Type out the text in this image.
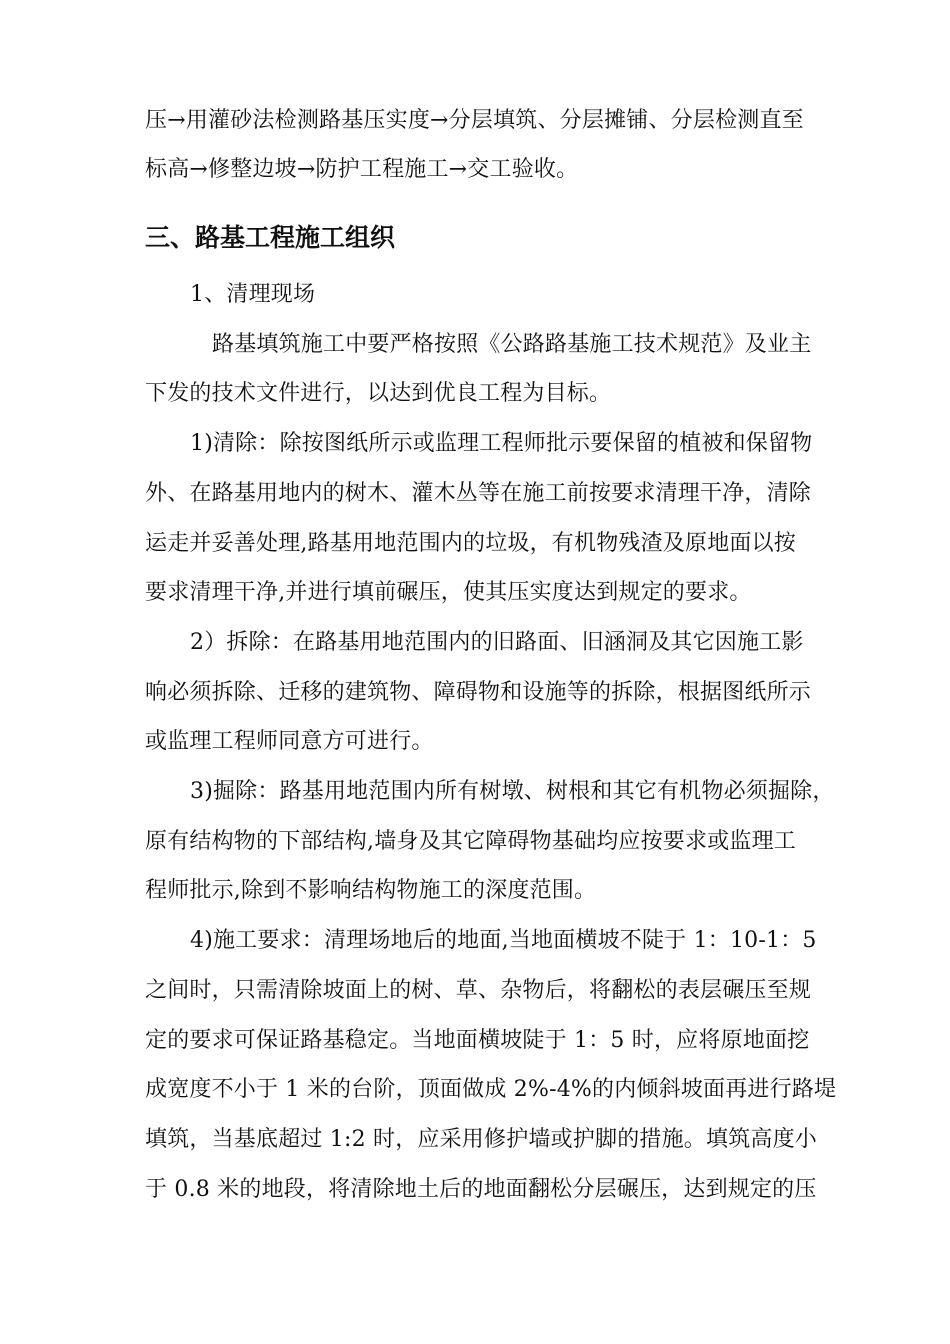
压→用灌砂法检测路基压实度→分层填筑、分层摊铺、分层检测直至
标高→修整边坡→防护工程施工→交工验收。
三、路基工程施工组织
1、清理现场
路基填筑施工中要严格按照《公路路基施工技术规范》及业主
下发的技术文件进行，以达到优良工程为目标。
1)清除：除按图纸所示或监理工程师批示要保留的植被和保留物
外、在路基用地内的树木、灌木丛等在施工前按要求清理干净，清除
运走并妥善处理,路基用地范围内的垃圾，有机物残渣及原地面以按
要求清理干净,并进行填前碾压，使其压实度达到规定的要求。
2）拆除：在路基用地范围内的旧路面、旧涵洞及其它因施工影
响必须拆除、迁移的建筑物、障碍物和设施等的拆除，根据图纸所示
或监理工程师同意方可进行。
3)掘除：路基用地范围内所有树墩、树根和其它有机物必须掘除，
原有结构物的下部结构,墙身及其它障碍物基础均应按要求或监理工
程师批示,除到不影响结构物施工的深度范围。
4)施工要求：清理场地后的地面,当地面横坡不陡于 1：10-1：5
之间时，只需清除坡面上的树、草、杂物后，将翻松的表层碾压至规
定的要求可保证路基稳定。当地面横坡陡于 1：5 时，应将原地面挖
成宽度不小于 1 米的台阶，顶面做成 2%-4%的内倾斜坡面再进行路堤
填筑，当基底超过 1:2 时，应采用修护墙或护脚的措施。填筑高度小
于 0.8 米的地段，将清除地土后的地面翻松分层碾压，达到规定的压
